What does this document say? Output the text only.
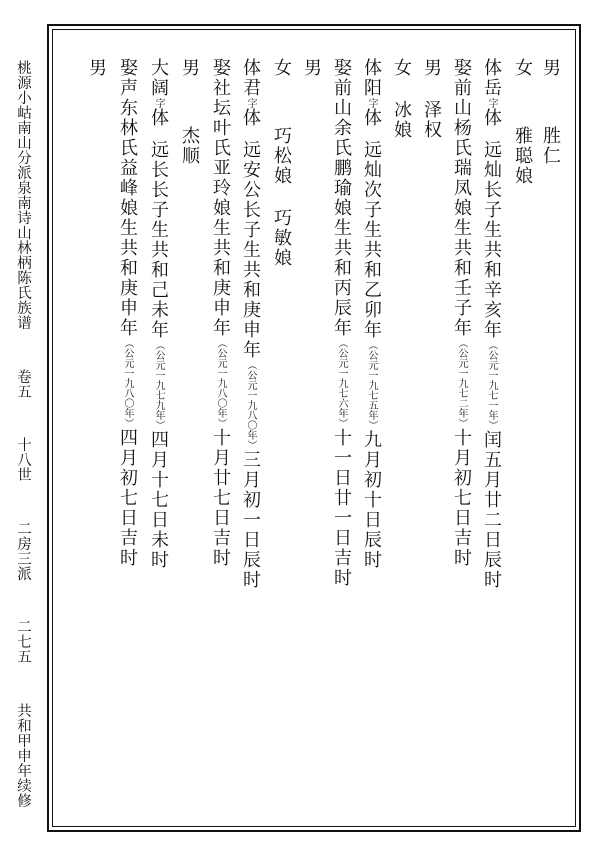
桃源小岵南山分派泉南诗山林柄陈氏族谱 卷五 十八世 二房三派 二七五 共和甲申年续修
男胜仁
女雅聪娘
体岳字体远灿长子生共和辛亥年（公元一九七一年）闰五月廿二日辰时
娶前山杨氏瑞凤娘生共和壬子年（公元一九七二年）十月初七日吉时
男泽权
女冰娘
体阳字体远灿次子生共和乙卯年（公元一九七五年）九月初十日辰时
娶前山余氏鹏瑜娘生共和丙辰年（公元一九七六年）十一日廿一日吉时
男
女巧松娘巧敏娘
体君字体远安公长子生共和庚申年（公元一九八〇年）三月初一日辰时
娶社坛叶氏亚玲娘生共和庚申年（公元一九八〇年）十月廿七日吉时
男杰顺
大阔字体远长长子生共和己未年（公元一九七九年）四月十七日未时
娶声东林氏益峰娘生共和庚申年（公元一九八〇年）四月初七日吉时
男
